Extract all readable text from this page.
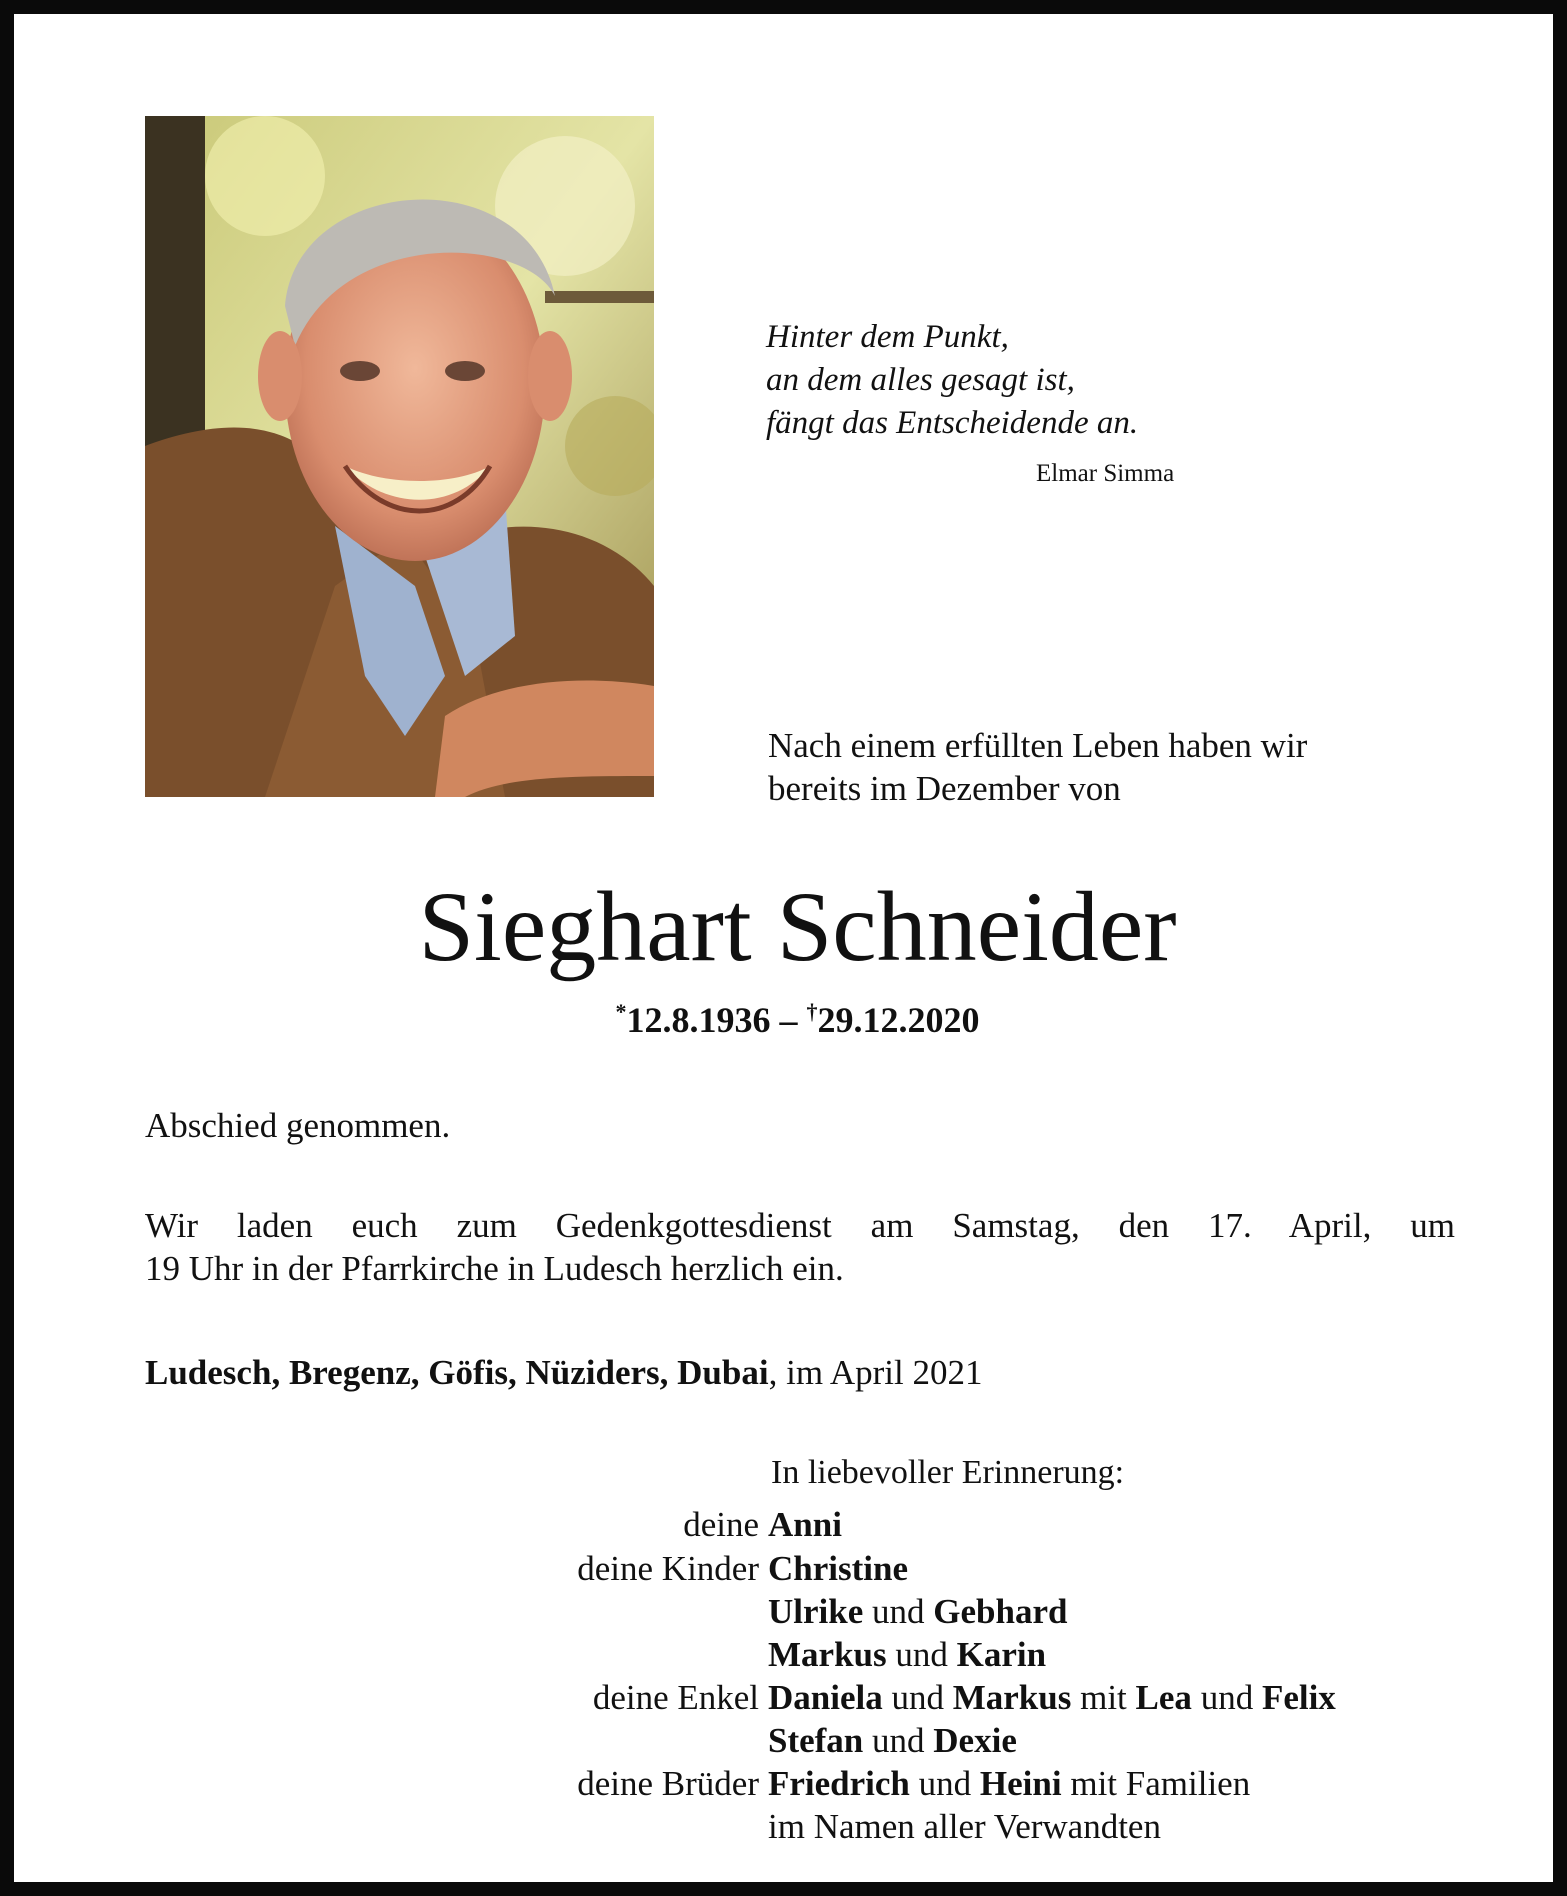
Hinter dem Punkt,
an dem alles gesagt ist,
fängt das Entscheidende an.
Elmar Simma
Nach einem erfüllten Leben haben wir
bereits im Dezember von
Sieghart Schneider
*12.8.1936 – †29.12.2020
Abschied genommen.
Wir laden euch zum Gedenkgottesdienst am Samstag, den 17. April, um
19 Uhr in der Pfarrkirche in Ludesch herzlich ein.
Ludesch, Bregenz, Göfis, Nüziders, Dubai, im April 2021
In liebevoller Erinnerung:
deine Anni
deine Kinder Christine
Ulrike und Gebhard
Markus und Karin
deine Enkel Daniela und Markus mit Lea und Felix
Stefan und Dexie
deine Brüder Friedrich und Heini mit Familien
im Namen aller Verwandten
